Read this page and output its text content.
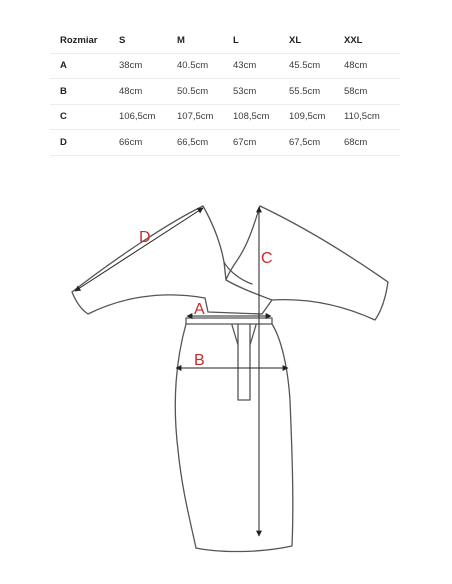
Rozmiar	S	M	L	XL	XXL
A	38cm	40.5cm	43cm	45.5cm	48cm
B	48cm	50.5cm	53cm	55.5cm	58cm
C	106,5cm	107,5cm	108,5cm	109,5cm	110,5cm
D	66cm	66,5cm	67cm	67,5cm	68cm
D
C
A
B
